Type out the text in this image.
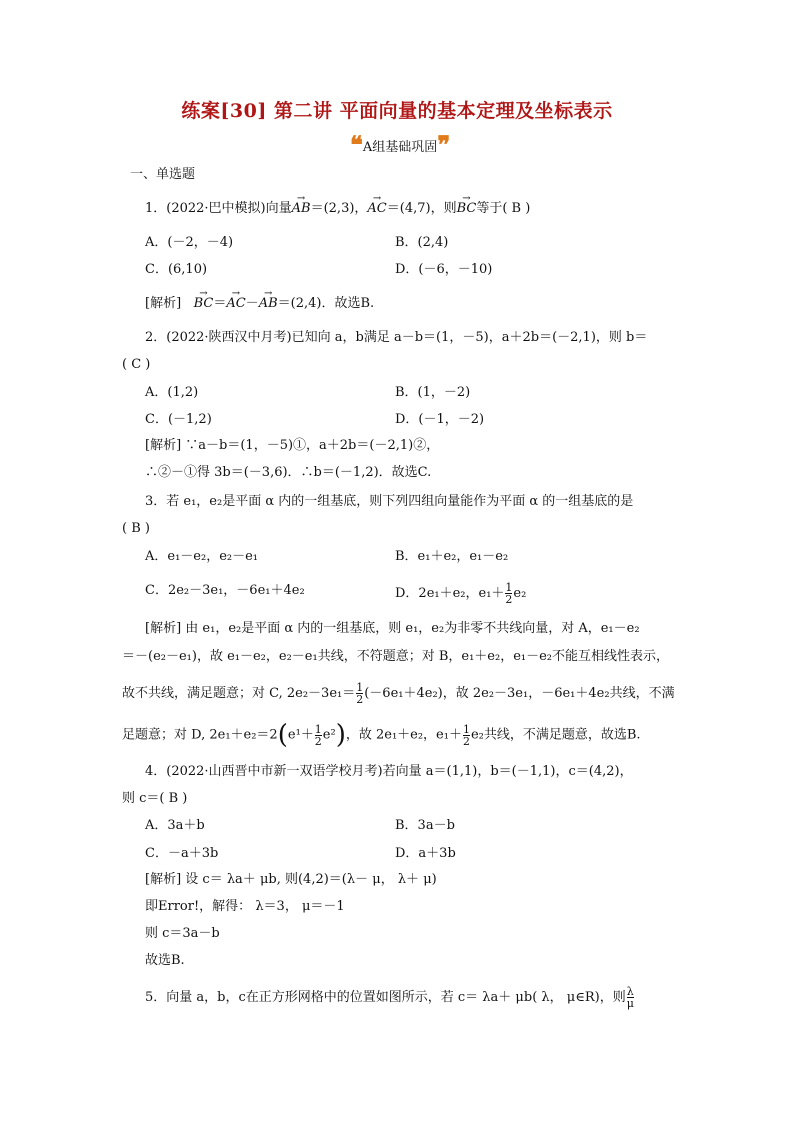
练案[30] 第二讲 平面向量的基本定理及坐标表示
❝ A组基础巩固 ❞
一、单选题
1．(2022·巴中模拟)向量→ AB＝(2,3)，→ AC＝(4,7)，则→ BC等于( B )
A．(－2，－4)	B．(2,4)
C．(6,10)	D．(－6，－10)
[解析]   → BC＝→ AC－→ AB＝(2,4)．故选B.
2．(2022·陕西汉中月考)已知向 a，b满足 a－b＝(1，－5)，a＋2b＝(－2,1)，则 b＝
( C )
A．(1,2)	B．(1，－2)
C．(－1,2)	D．(－1，－2)
[解析] ∵a－b＝(1，－5)①，a＋2b＝(－2,1)②，
∴②－①得 3b＝(－3,6)．∴b＝(－1,2)．故选C.
3．若 e₁，e₂是平面 α 内的一组基底，则下列四组向量能作为平面 α 的一组基底的是
( B )
A．e₁－e₂，e₂－e₁	B．e₁＋e₂，e₁－e₂
C．2e₂－3e₁，－6e₁＋4e₂	D．2e₁＋e₂，$e_1+ \frac{1}{2} e_2$
[解析] 由 e₁，e₂是平面 α 内的一组基底，则 e₁，e₂为非零不共线向量，对 A，e₁－e₂
＝－(e₂－e₁)，故 e₁－e₂，e₂－e₁共线，不符题意；对 B，e₁＋e₂，e₁－e₂不能互相线性表示，
故不共线，满足题意；对 C, $2e_2-3e_1= \frac{1}{2} (-6e_1+4e_2)$，故 2e₂－3e₁，－6e₁＋4e₂共线，不满
足题意；对 D, $2e_1+e_2=2(e^1+ \frac{1}{2} e^2)$，故 2e₁＋e₂，$e_1+ \frac{1}{2} e_2$共线，不满足题意，故选B.
4．(2022·山西晋中市新一双语学校月考)若向量 a＝(1,1)，b＝(－1,1)，c＝(4,2)，
则 c＝( B )
A．3a＋b	B．3a－b
C．－a＋3b	D．a＋3b
[解析] 设 c＝ λa＋ μb, 则(4,2)＝(λ－ μ， λ＋ μ)
即Error!，解得： λ＝3， μ＝－1
则 c＝3a－b
故选B.
5．向量 a，b，c在正方形网格中的位置如图所示，若 c＝ λa＋ μb( λ， μ∈R)，则 $\frac{\lambda}{\mu}$
